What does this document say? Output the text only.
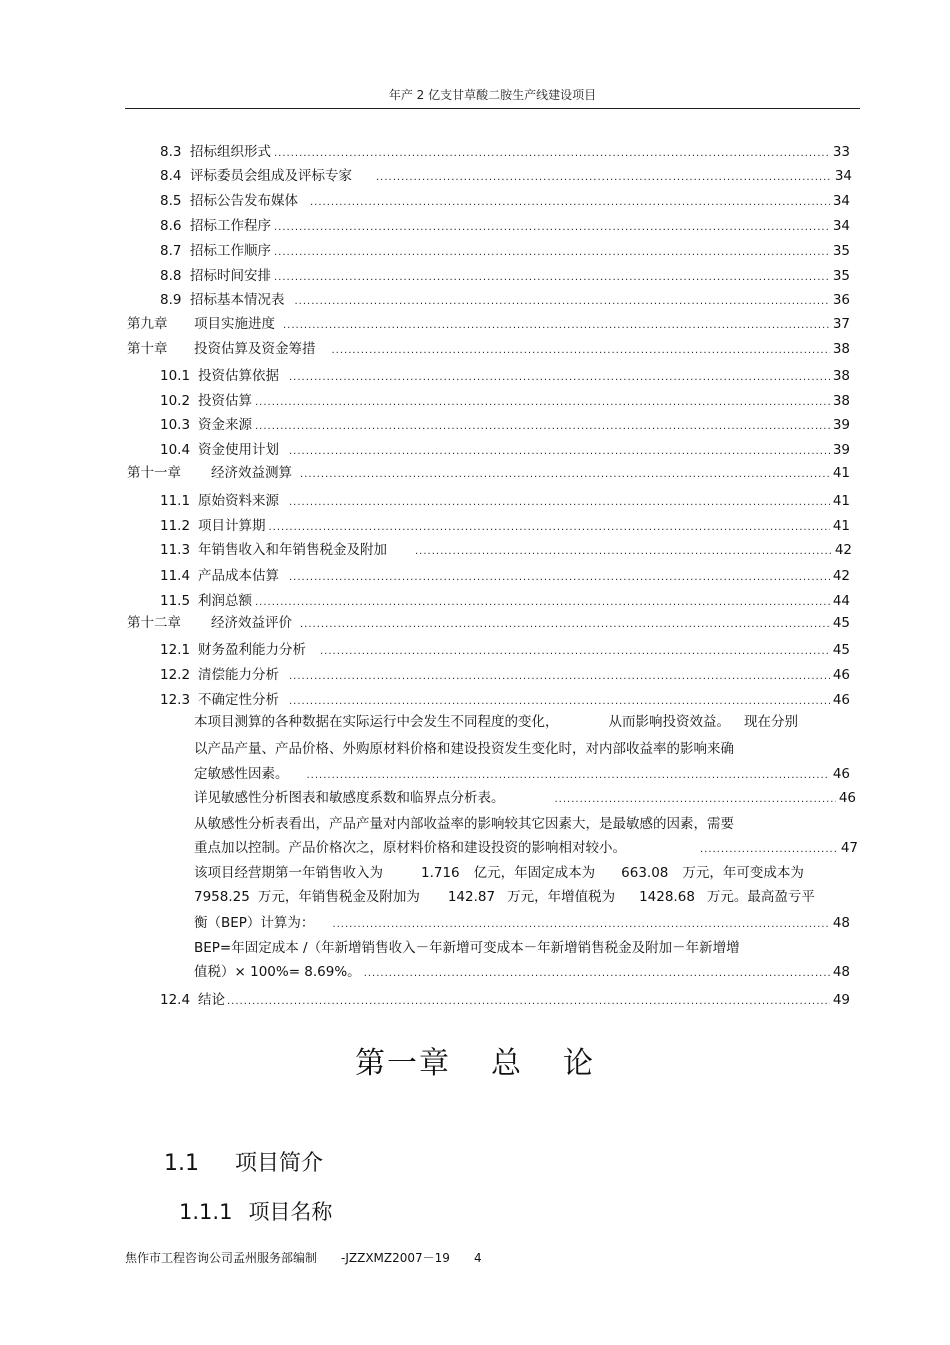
年产 2 亿支甘草酸二胺生产线建设项目
8.3 招标组织形式 .....	33
8.4 评标委员会组成及评标专家 .....	34
8.5 招标公告发布媒体 .....	34
8.6 招标工作程序 .....	34
8.7 招标工作顺序 .....	35
8.8 招标时间安排 .....	35
8.9 招标基本情况表 .....	36
第九章	项目实施进度 .....	37
第十章	投资估算及资金筹措 .....	38
10.1 投资估算依据 .....	38
10.2 投资估算 .....	38
10.3 资金来源 .....	39
10.4 资金使用计划 .....	39
第十一章	经济效益测算 .....	41
11.1 原始资料来源 .....	41
11.2 项目计算期 .....	41
11.3 年销售收入和年销售税金及附加 .....	42
11.4 产品成本估算 .....	42
11.5 利润总额 .....	44
第十二章	经济效益评价 .....	45
12.1 财务盈利能力分析 .....	45
12.2 清偿能力分析 .....	46
12.3 不确定性分析 .....	46
本项目测算的各种数据在实际运行中会发生不同程度的变化，	从而影响投资效益。 现在分别
以产品产量、产品价格、外购原材料价格和建设投资发生变化时，对内部收益率的影响来确
定敏感性因素。 .....	46
详见敏感性分析图表和敏感度系数和临界点分析表。 .....	46
从敏感性分析表看出，产品产量对内部收益率的影响较其它因素大，是最敏感的因素，需要
重点加以控制。产品价格次之，原材料价格和建设投资的影响相对较小。 .....	47
该项目经营期第一年销售收入为	1.716 亿元，年固定成本为 663.08 万元，年可变成本为
7958.25 万元，年销售税金及附加为 142.87 万元，年增值税为 1428.68 万元。最高盈亏平
衡（BEP）计算为： .....	48
BEP=年固定成本 /（年新增销售收入－年新增可变成本－年新增销售税金及附加－年新增增
值税）× 100%= 8.69%。 .....	48
12.4 结论 .....	49
第一章 总 论
1.1 项目简介
1.1.1 项目名称
焦作市工程咨询公司孟州服务部编制 -JZZXMZ2007－19 4
